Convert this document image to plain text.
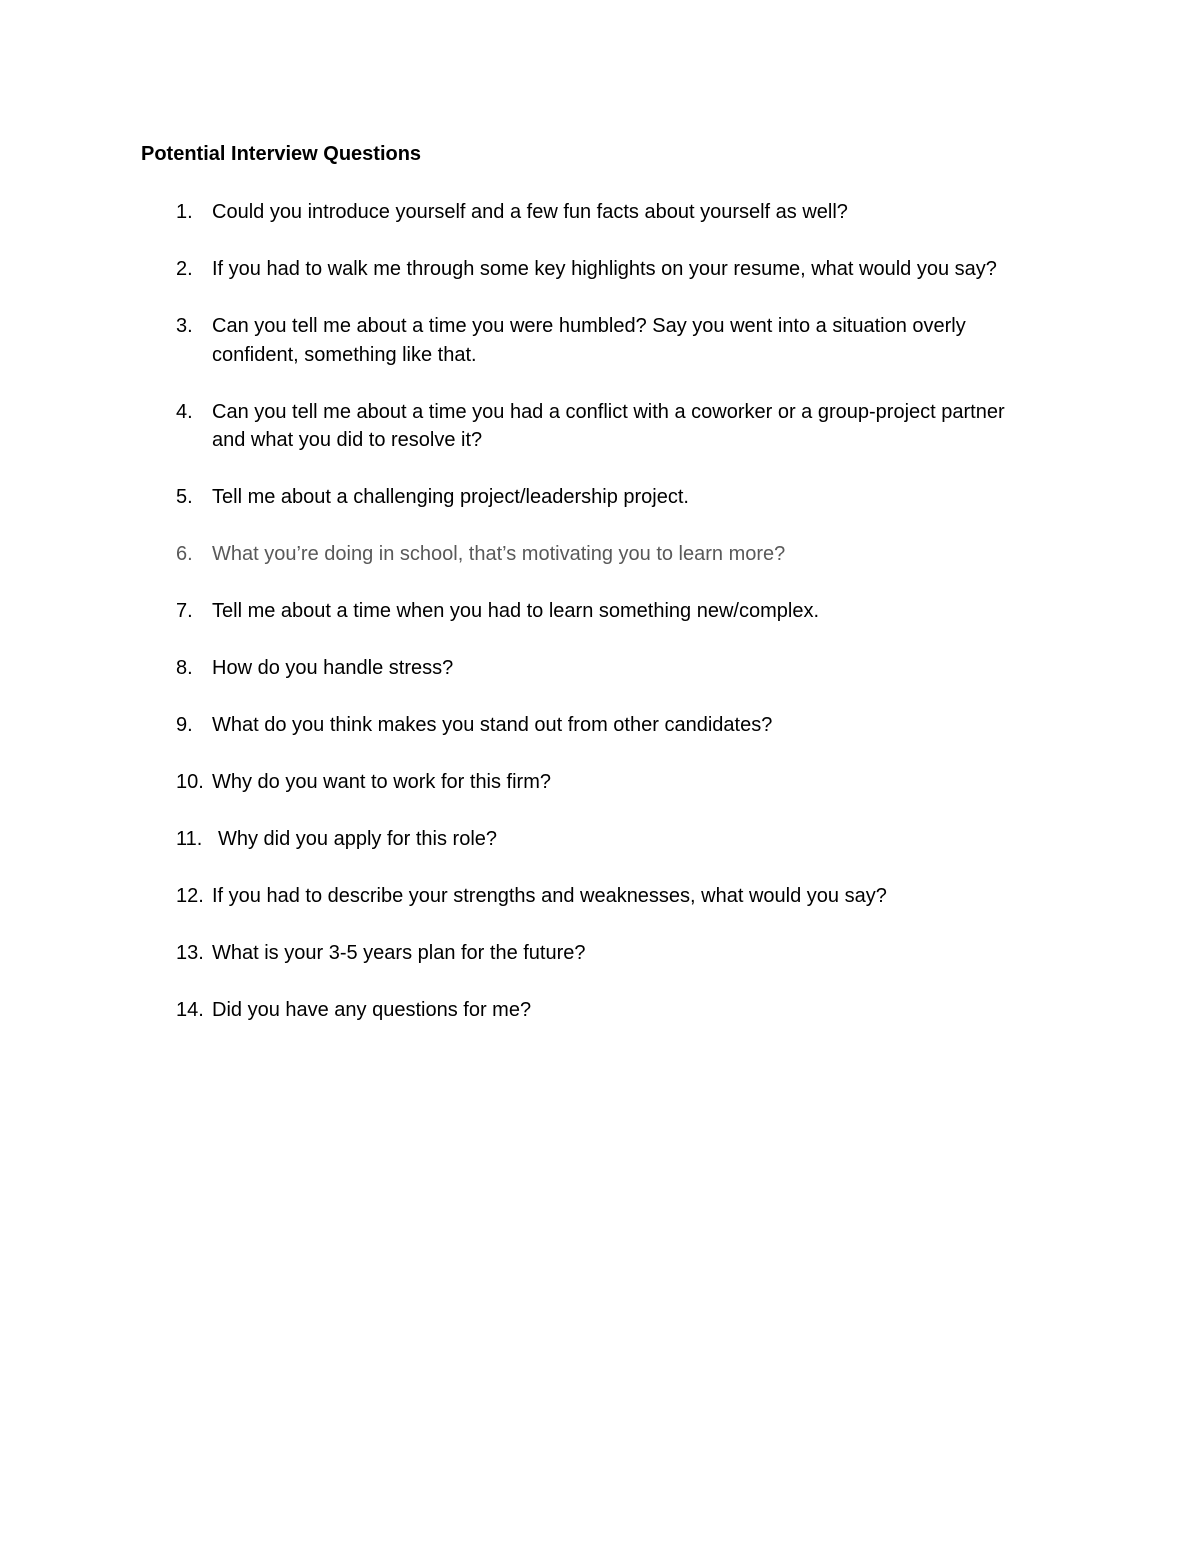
Potential Interview Questions
1. Could you introduce yourself and a few fun facts about yourself as well?
2. If you had to walk me through some key highlights on your resume, what would you say?
3. Can you tell me about a time you were humbled? Say you went into a situation overly confident, something like that.
4. Can you tell me about a time you had a conflict with a coworker or a group-project partner and what you did to resolve it?
5. Tell me about a challenging project/leadership project.
6. What you’re doing in school, that’s motivating you to learn more?
7. Tell me about a time when you had to learn something new/complex.
8. How do you handle stress?
9. What do you think makes you stand out from other candidates?
10. Why do you want to work for this firm?
11. Why did you apply for this role?
12. If you had to describe your strengths and weaknesses, what would you say?
13. What is your 3-5 years plan for the future?
14. Did you have any questions for me?
